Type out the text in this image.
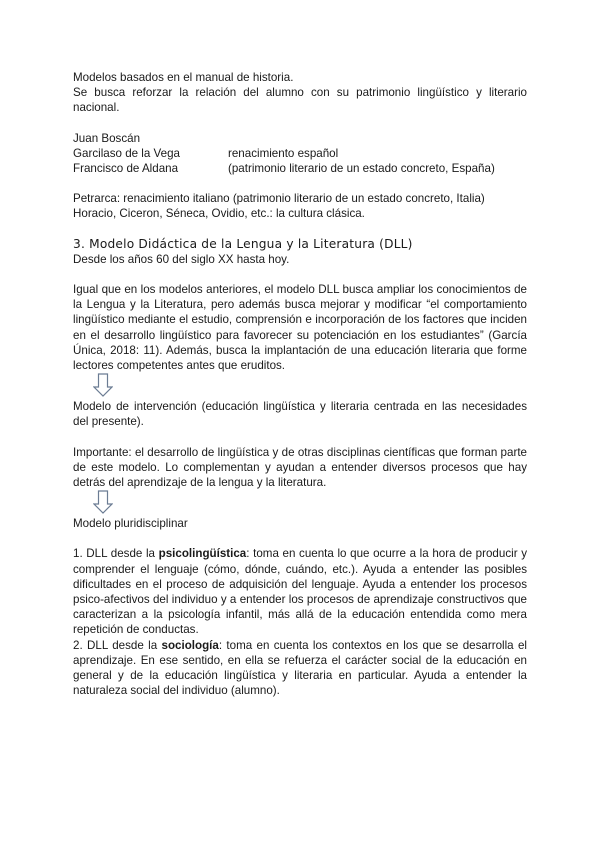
Modelos basados en el manual de historia.

Se busca reforzar la relación del alumno con su patrimonio lingüístico y literario nacional.

Juan Boscán

Garcilaso de la Vega	renacimiento español
Francisco de Aldana	(patrimonio literario de un estado concreto, España)

Petrarca: renacimiento italiano (patrimonio literario de un estado concreto, Italia)

Horacio, Ciceron, Séneca, Ovidio, etc.: la cultura clásica.

3. Modelo Didáctica de la Lengua y la Literatura (DLL)

Desde los años 60 del siglo XX hasta hoy.

Igual que en los modelos anteriores, el modelo DLL busca ampliar los conocimientos de la Lengua y la Literatura, pero además busca mejorar y modificar “el comportamiento lingüístico mediante el estudio, comprensión e incorporación de los factores que inciden en el desarrollo lingüístico para favorecer su potenciación en los estudiantes” (García Única, 2018: 11). Además, busca la implantación de una educación literaria que forme lectores competentes antes que eruditos.

Modelo de intervención (educación lingüística y literaria centrada en las necesidades del presente).

Importante: el desarrollo de lingüística y de otras disciplinas científicas que forman parte de este modelo. Lo complementan y ayudan a entender diversos procesos que hay detrás del aprendizaje de la lengua y la literatura.

Modelo pluridisciplinar

1. DLL desde la psicolingüística: toma en cuenta lo que ocurre a la hora de producir y comprender el lenguaje (cómo, dónde, cuándo, etc.). Ayuda a entender las posibles dificultades en el proceso de adquisición del lenguaje. Ayuda a entender los procesos psico-afectivos del individuo y a entender los procesos de aprendizaje constructivos que caracterizan a la psicología infantil, más allá de la educación entendida como mera repetición de conductas.

2. DLL desde la sociología: toma en cuenta los contextos en los que se desarrolla el aprendizaje. En ese sentido, en ella se refuerza el carácter social de la educación en general y de la educación lingüística y literaria en particular. Ayuda a entender la naturaleza social del individuo (alumno).
